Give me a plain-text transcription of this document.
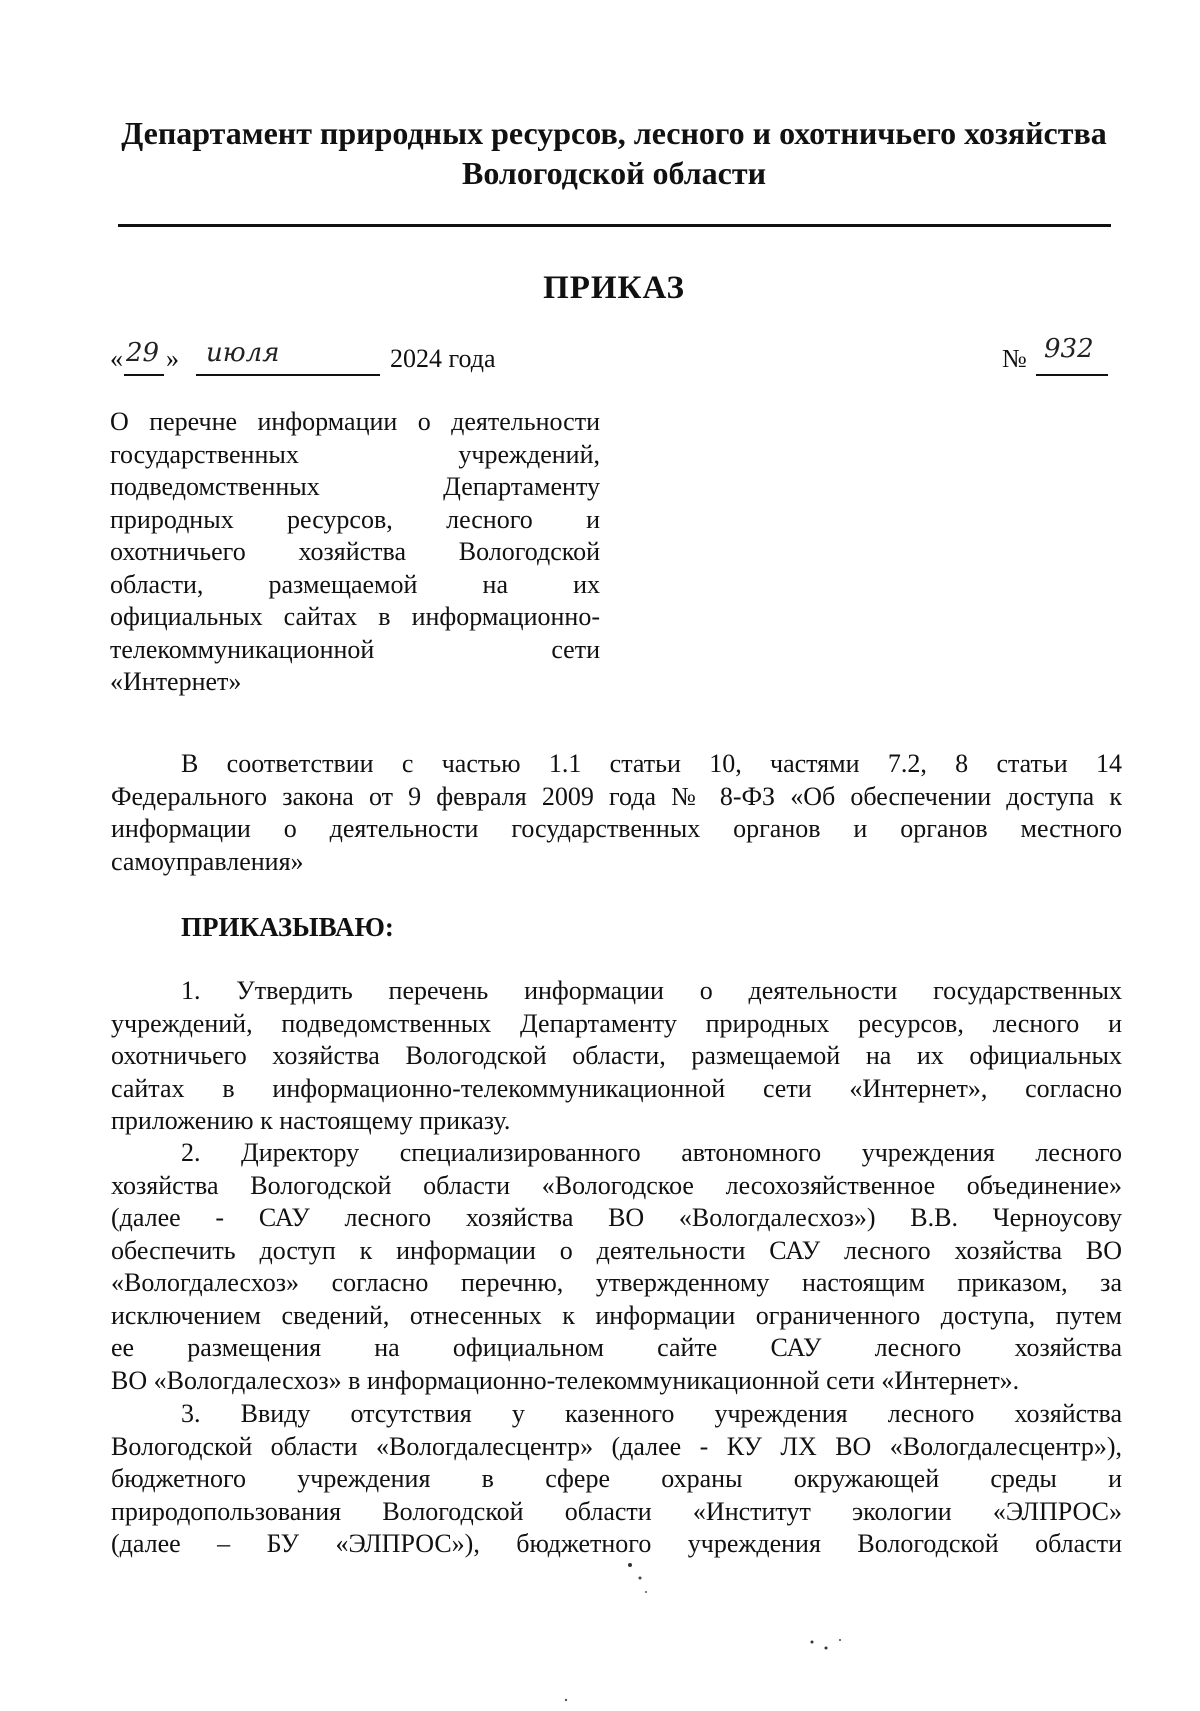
Департамент природных ресурсов, лесного и охотничьего хозяйства
Вологодской области
ПРИКАЗ
« 29 » июля	2024 года	№ 932
О перечне информации о деятельности
государственных учреждений,
подведомственных Департаменту
природных ресурсов, лесного и
охотничьего хозяйства Вологодской
области, размещаемой на их
официальных сайтах в информационно-
телекоммуникационной сети
«Интернет»
В соответствии с частью 1.1 статьи 10, частями 7.2, 8 статьи 14
Федерального закона от 9 февраля 2009 года № 8-ФЗ «Об обеспечении доступа к
информации о деятельности государственных органов и органов местного
самоуправления»
ПРИКАЗЫВАЮ:
1. Утвердить перечень информации о деятельности государственных
учреждений, подведомственных Департаменту природных ресурсов, лесного и
охотничьего хозяйства Вологодской области, размещаемой на их официальных
сайтах в информационно-телекоммуникационной сети «Интернет», согласно
приложению к настоящему приказу.
2. Директору специализированного автономного учреждения лесного
хозяйства Вологодской области «Вологодское лесохозяйственное объединение»
(далее - САУ лесного хозяйства ВО «Вологдалесхоз») В.В. Черноусову
обеспечить доступ к информации о деятельности САУ лесного хозяйства ВО
«Вологдалесхоз» согласно перечню, утвержденному настоящим приказом, за
исключением сведений, отнесенных к информации ограниченного доступа, путем
ее размещения на официальном сайте САУ лесного хозяйства
ВО «Вологдалесхоз» в информационно-телекоммуникационной сети «Интернет».
3. Ввиду отсутствия у казенного учреждения лесного хозяйства
Вологодской области «Вологдалесцентр» (далее - КУ ЛХ ВО «Вологдалесцентр»),
бюджетного учреждения в сфере охраны окружающей среды и
природопользования Вологодской области «Институт экологии «ЭЛПРОС»
(далее – БУ «ЭЛПРОС»), бюджетного учреждения Вологодской области
